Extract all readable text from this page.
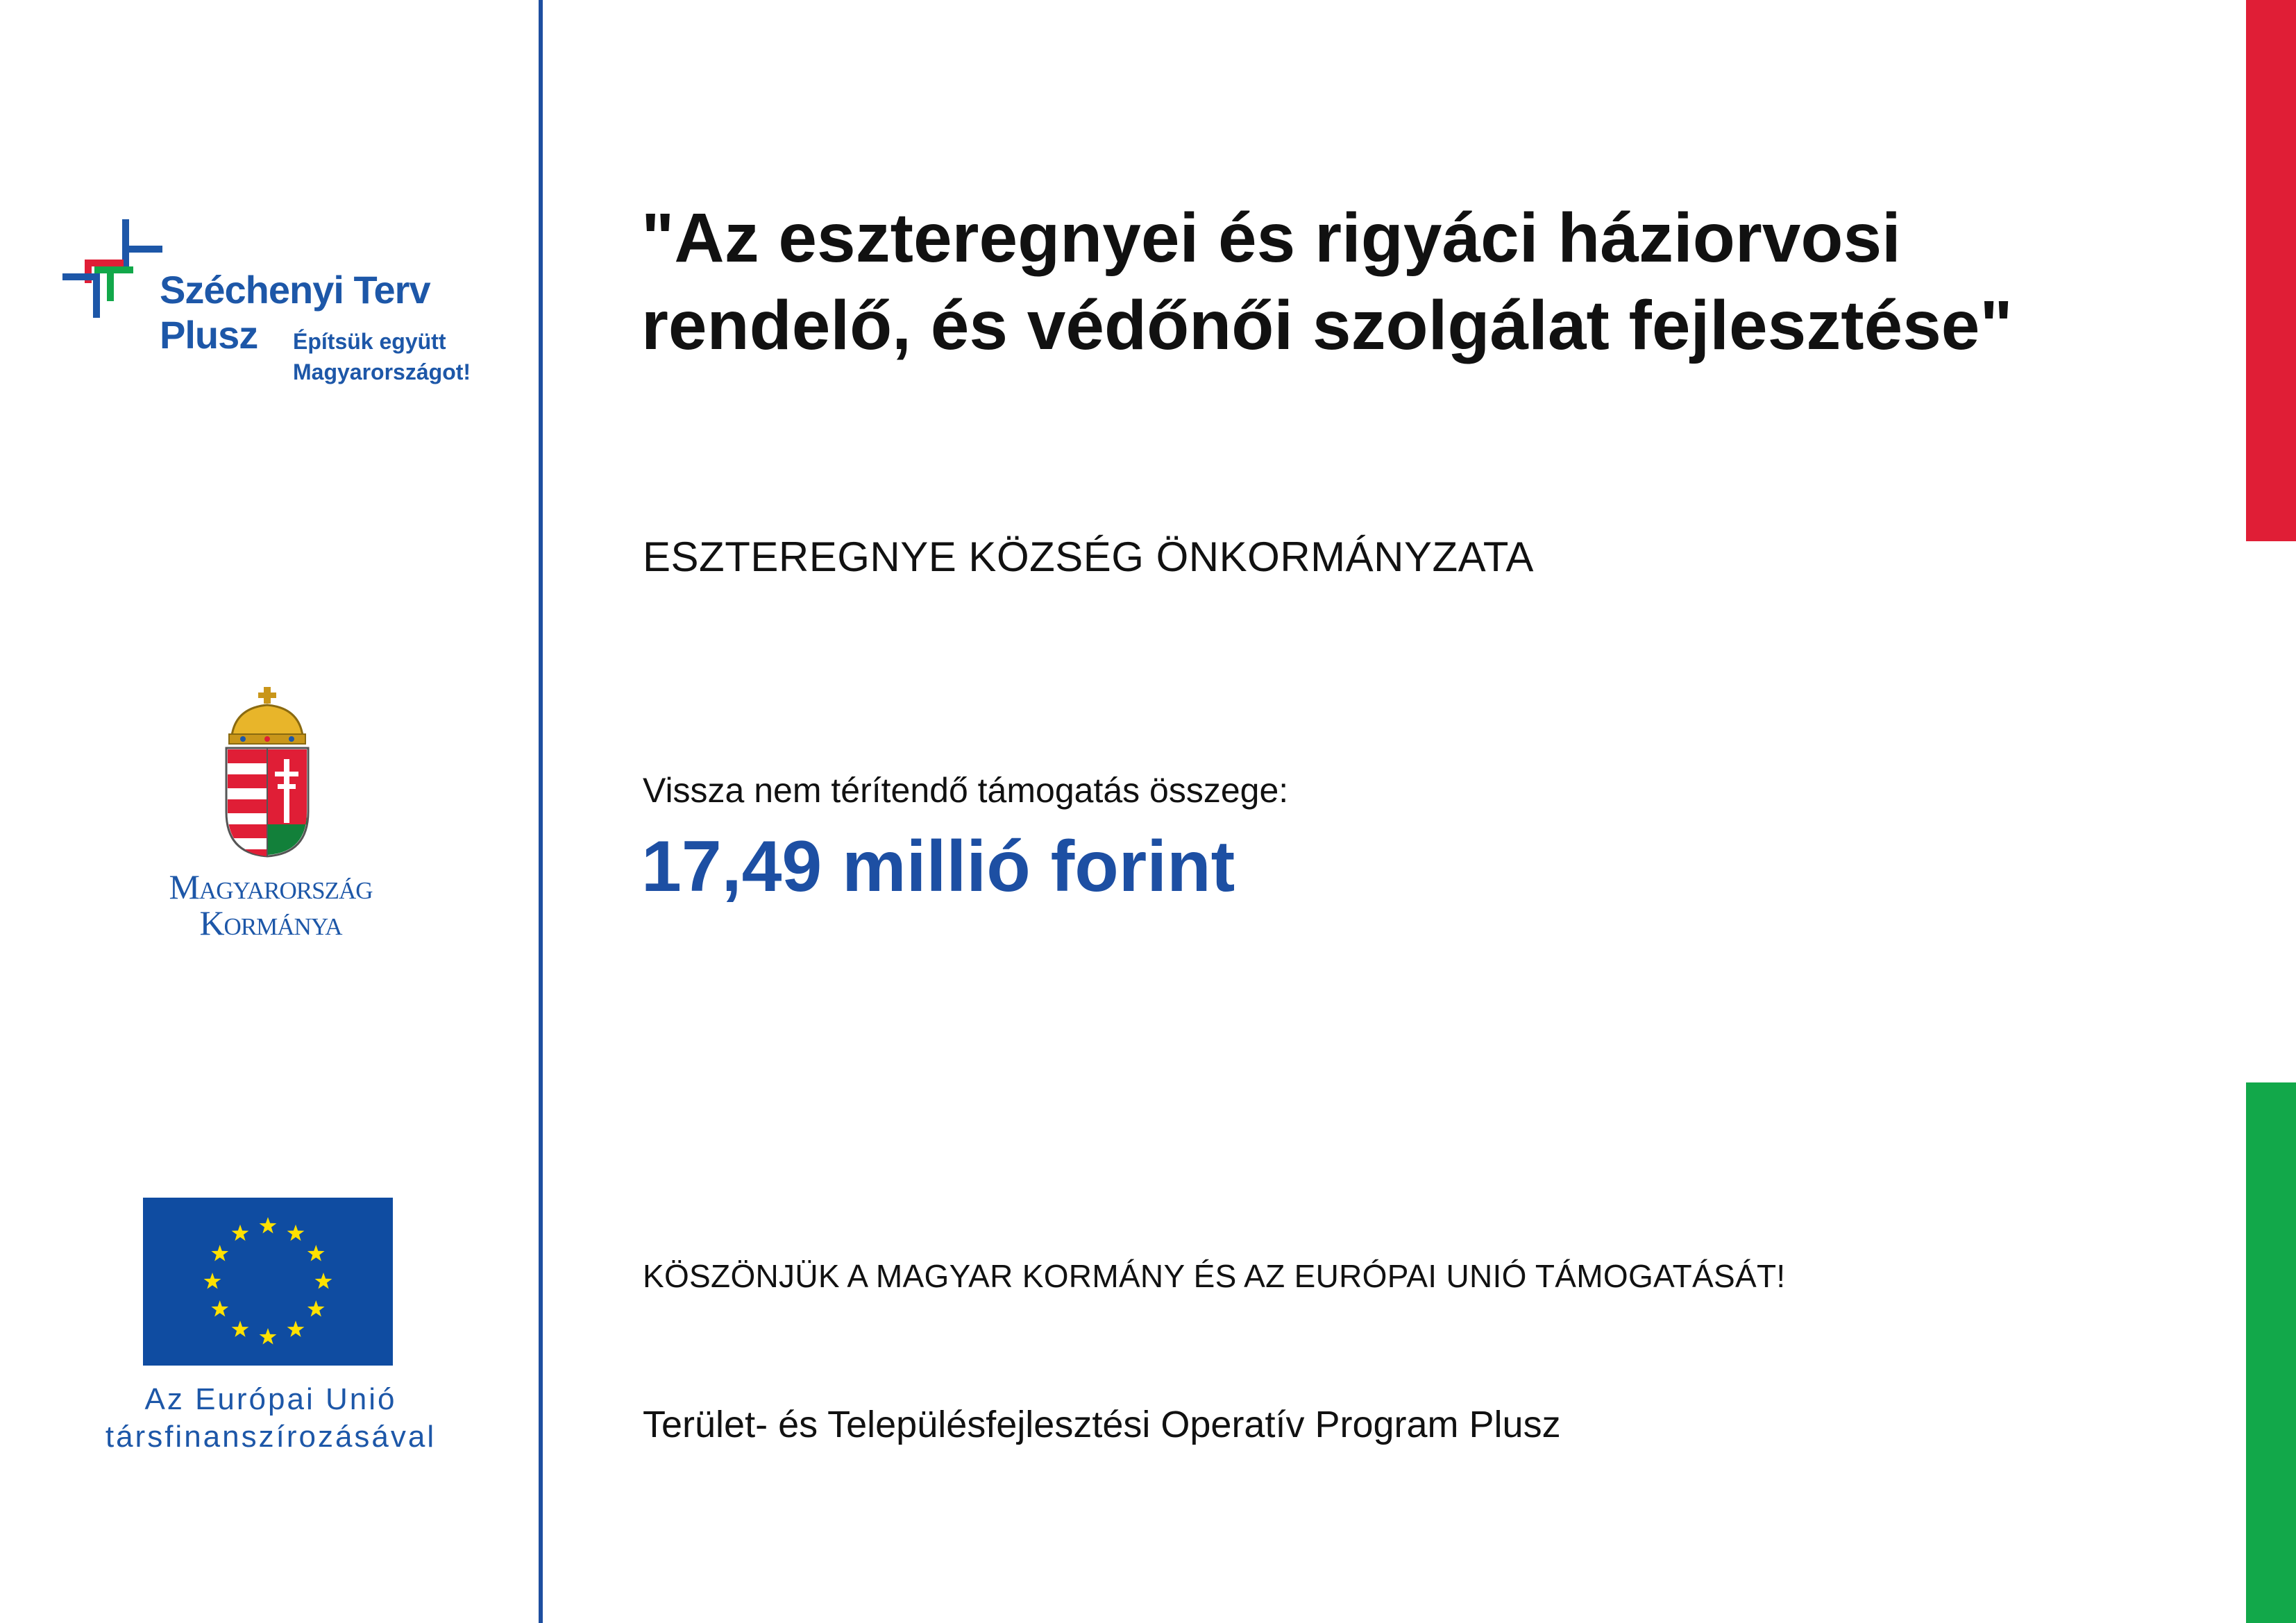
Széchenyi Terv
Plusz Építsük együtt
Magyarországot!
Magyarország
Kormánya
Az Európai Unió
társfinanszírozásával
"Az eszteregnyei és rigyáci háziorvosi rendelő, és védőnői szolgálat fejlesztése"
ESZTEREGNYE KÖZSÉG ÖNKORMÁNYZATA
Vissza nem térítendő támogatás összege:
17,49 millió forint
KÖSZÖNJÜK A MAGYAR KORMÁNY ÉS AZ EURÓPAI UNIÓ TÁMOGATÁSÁT!
Terület- és Településfejlesztési Operatív Program Plusz
